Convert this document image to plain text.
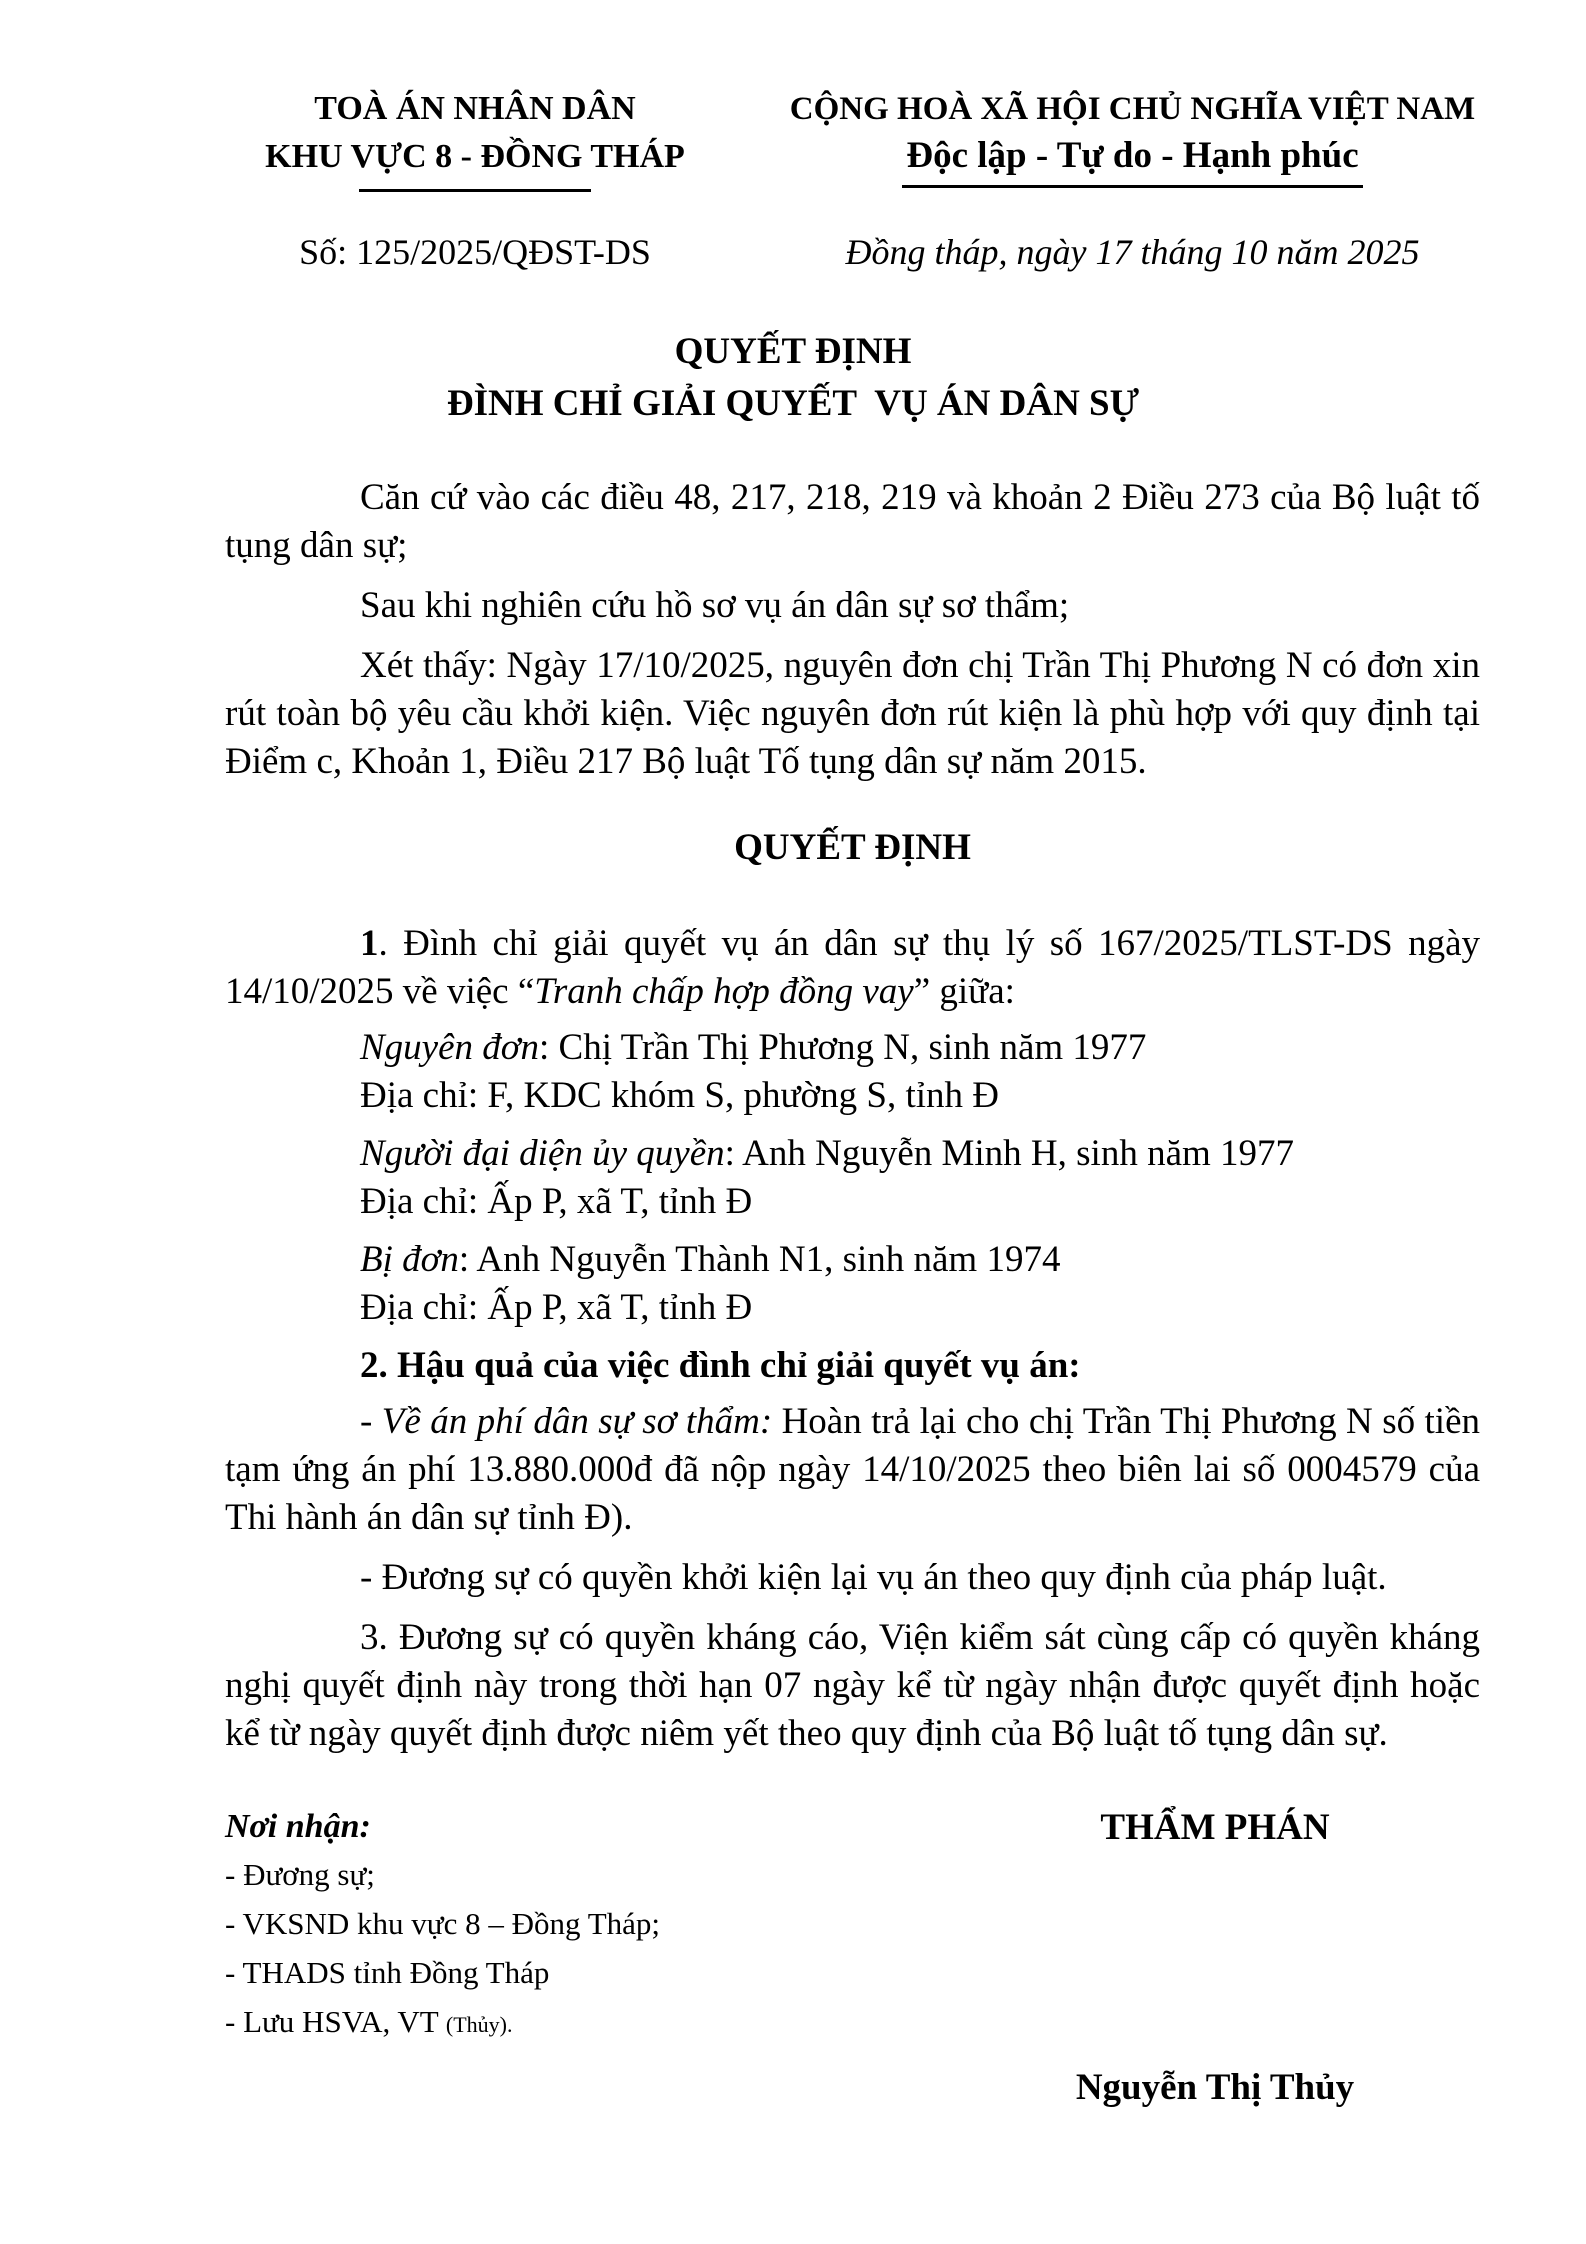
TOÀ ÁN NHÂN DÂN
KHU VỰC 8 - ĐỒNG THÁP
CỘNG HOÀ XÃ HỘI CHỦ NGHĨA VIỆT NAM
Độc lập - Tự do - Hạnh phúc
Số: 125/2025/QĐST-DS	Đồng tháp, ngày 17 tháng 10 năm 2025
QUYẾT ĐỊNH
ĐÌNH CHỈ GIẢI QUYẾT  VỤ ÁN DÂN SỰ

Căn cứ vào các điều 48, 217, 218, 219 và khoản 2 Điều 273 của Bộ luật tố tụng dân sự;

Sau khi nghiên cứu hồ sơ vụ án dân sự sơ thẩm;

Xét thấy: Ngày 17/10/2025, nguyên đơn chị Trần Thị Phương N có đơn xin rút toàn bộ yêu cầu khởi kiện. Việc nguyên đơn rút kiện là phù hợp với quy định tại Điểm c, Khoản 1, Điều 217 Bộ luật Tố tụng dân sự năm 2015.

QUYẾT ĐỊNH

1. Đình chỉ giải quyết vụ án dân sự thụ lý số 167/2025/TLST-DS ngày 14/10/2025 về việc “Tranh chấp hợp đồng vay” giữa:

Nguyên đơn: Chị Trần Thị Phương N, sinh năm 1977
Địa chỉ: F, KDC khóm S, phường S, tỉnh Đ
Người đại diện ủy quyền: Anh Nguyễn Minh H, sinh năm 1977
Địa chỉ: Ấp P, xã T, tỉnh Đ
Bị đơn: Anh Nguyễn Thành N1, sinh năm 1974
Địa chỉ: Ấp P, xã T, tỉnh Đ
2. Hậu quả của việc đình chỉ giải quyết vụ án:

- Về án phí dân sự sơ thẩm: Hoàn trả lại cho chị Trần Thị Phương N số tiền tạm ứng án phí 13.880.000đ đã nộp ngày 14/10/2025 theo biên lai số 0004579 của Thi hành án dân sự tỉnh Đ).

- Đương sự có quyền khởi kiện lại vụ án theo quy định của pháp luật.

3. Đương sự có quyền kháng cáo, Viện kiểm sát cùng cấp có quyền kháng nghị quyết định này trong thời hạn 07 ngày kể từ ngày nhận được quyết định hoặc kể từ ngày quyết định được niêm yết theo quy định của Bộ luật tố tụng dân sự.

Nơi nhận:
- Đương sự;
- VKSND khu vực 8 – Đồng Tháp;
- THADS tỉnh Đồng Tháp
- Lưu HSVA, VT (Thủy).
THẨM PHÁN
Nguyễn Thị Thủy
